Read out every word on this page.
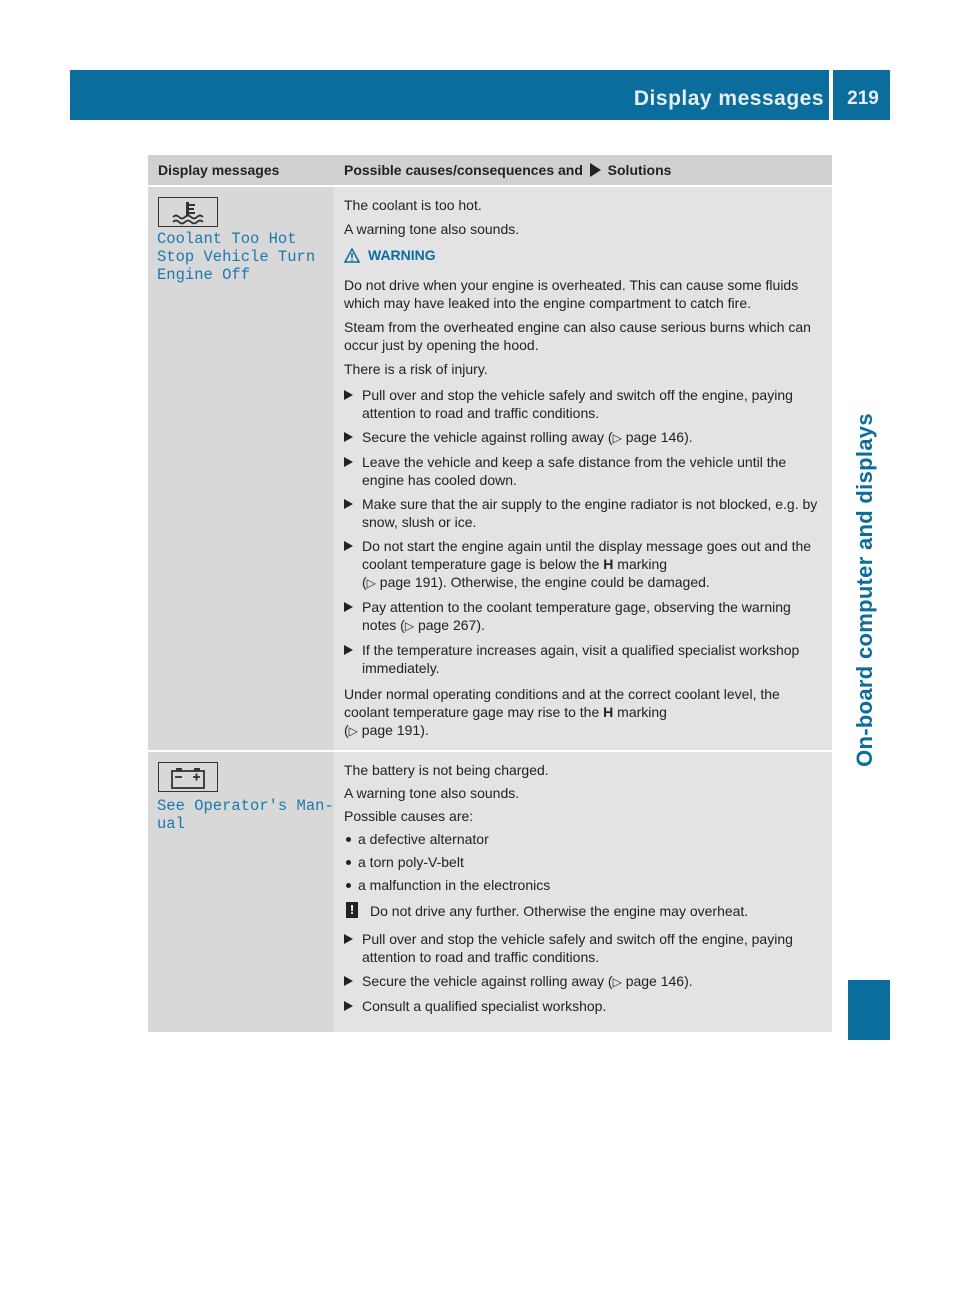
Display messages	219
On-board computer and displays
Display messages	Possible causes/consequences and Solutions
Coolant Too Hot
Stop Vehicle Turn
Engine Off

The coolant is too hot.

A warning tone also sounds.

WARNING

Do not drive when your engine is overheated. This can cause some fluids which may have leaked into the engine compartment to catch fire.

Steam from the overheated engine can also cause serious burns which can occur just by opening the hood.

There is a risk of injury.

Pull over and stop the vehicle safely and switch off the engine, paying attention to road and traffic conditions.
Secure the vehicle against rolling away (▷ page 146).
Leave the vehicle and keep a safe distance from the vehicle until the engine has cooled down.
Make sure that the air supply to the engine radiator is not blocked, e.g. by snow, slush or ice.
Do not start the engine again until the display message goes out and the coolant temperature gage is below the H marking
(▷ page 191). Otherwise, the engine could be damaged.
Pay attention to the coolant temperature gage, observing the warning notes (▷ page 267).
If the temperature increases again, visit a qualified specialist workshop immediately.

Under normal operating conditions and at the correct coolant level, the coolant temperature gage may rise to the H marking
(▷ page 191).

See Operator's Man‐
ual

The battery is not being charged.

A warning tone also sounds.

Possible causes are:

a defective alternator
a torn poly-V-belt
a malfunction in the electronics
! Do not drive any further. Otherwise the engine may overheat.
Pull over and stop the vehicle safely and switch off the engine, paying attention to road and traffic conditions.
Secure the vehicle against rolling away (▷ page 146).
Consult a qualified specialist workshop.
